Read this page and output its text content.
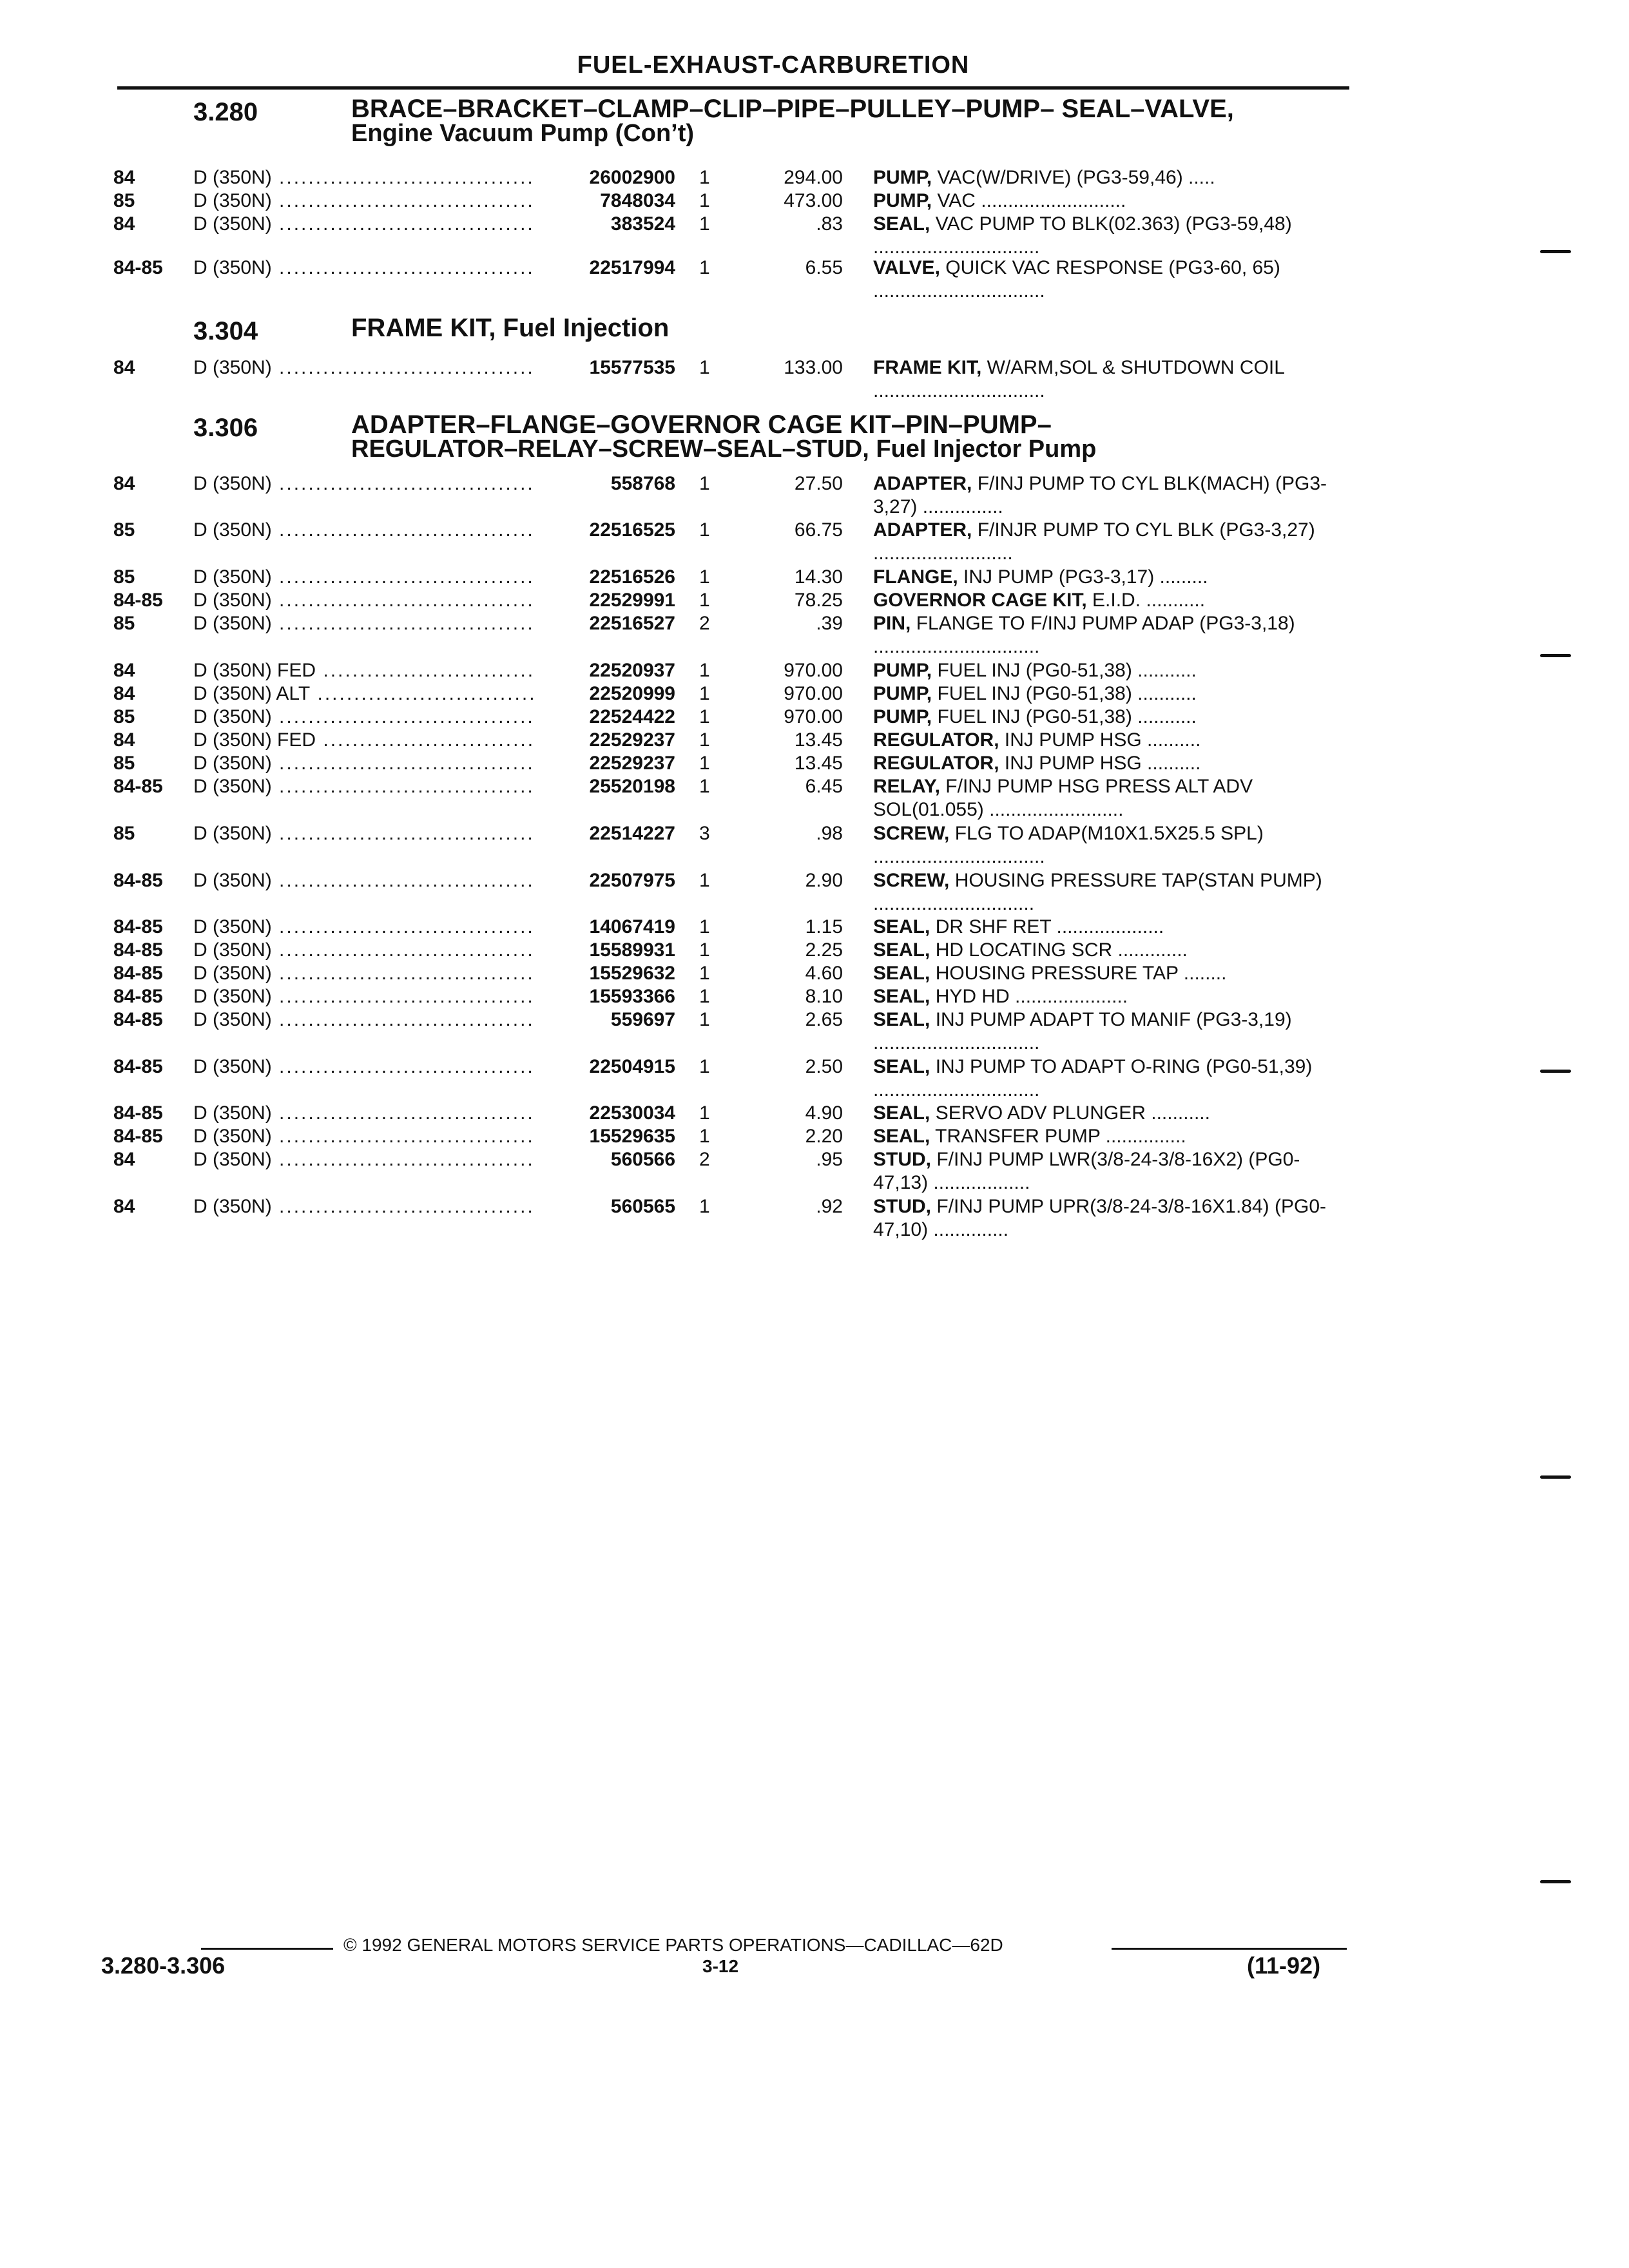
FUEL-EXHAUST-CARBURETION
3.280	BRACE–BRACKET–CLAMP–CLIP–PIPE–PULLEY–PUMP– SEAL–VALVE,
Engine Vacuum Pump (Con’t)
84	D (350N) .....	26002900 1	294.00 PUMP, VAC(W/DRIVE) (PG3-59,46) .....
85	D (350N) .....	7848034 1	473.00 PUMP, VAC ...........................
84	D (350N) .....	383524 1	.83 SEAL, VAC PUMP TO BLK(02.363) (PG3-59,48) ...............................
84-85	D (350N) .....	22517994 1	6.55 VALVE, QUICK VAC RESPONSE (PG3-60, 65) ................................
3.304	FRAME KIT, Fuel Injection
84	D (350N) .....	15577535 1	133.00 FRAME KIT, W/ARM,SOL & SHUTDOWN COIL ................................
3.306	ADAPTER–FLANGE–GOVERNOR CAGE KIT–PIN–PUMP–
REGULATOR–RELAY–SCREW–SEAL–STUD, Fuel Injector Pump
84	D (350N) .....	558768 1	27.50 ADAPTER, F/INJ PUMP TO CYL BLK(MACH) (PG3-3,27) ...............
85	D (350N) .....	22516525 1	66.75 ADAPTER, F/INJR PUMP TO CYL BLK (PG3-3,27) ..........................
85	D (350N) .....	22516526 1	14.30 FLANGE, INJ PUMP (PG3-3,17) .........
84-85	D (350N) .....	22529991 1	78.25 GOVERNOR CAGE KIT, E.I.D. ...........
85	D (350N) .....	22516527 2	.39 PIN, FLANGE TO F/INJ PUMP ADAP (PG3-3,18) ...............................
84	D (350N) FED .....	22520937 1	970.00 PUMP, FUEL INJ (PG0-51,38) ...........
84	D (350N) ALT .....	22520999 1	970.00 PUMP, FUEL INJ (PG0-51,38) ...........
85	D (350N) .....	22524422 1	970.00 PUMP, FUEL INJ (PG0-51,38) ...........
84	D (350N) FED .....	22529237 1	13.45 REGULATOR, INJ PUMP HSG ..........
85	D (350N) .....	22529237 1	13.45 REGULATOR, INJ PUMP HSG ..........
84-85	D (350N) .....	25520198 1	6.45 RELAY, F/INJ PUMP HSG PRESS ALT ADV SOL(01.055) .........................
85	D (350N) .....	22514227 3	.98 SCREW, FLG TO ADAP(M10X1.5X25.5 SPL) ................................
84-85	D (350N) .....	22507975 1	2.90 SCREW, HOUSING PRESSURE TAP(STAN PUMP) ..............................
84-85	D (350N) .....	14067419 1	1.15 SEAL, DR SHF RET ....................
84-85	D (350N) .....	15589931 1	2.25 SEAL, HD LOCATING SCR .............
84-85	D (350N) .....	15529632 1	4.60 SEAL, HOUSING PRESSURE TAP ........
84-85	D (350N) .....	15593366 1	8.10 SEAL, HYD HD .....................
84-85	D (350N) .....	559697 1	2.65 SEAL, INJ PUMP ADAPT TO MANIF (PG3-3,19) ...............................
84-85	D (350N) .....	22504915 1	2.50 SEAL, INJ PUMP TO ADAPT O-RING (PG0-51,39) ...............................
84-85	D (350N) .....	22530034 1	4.90 SEAL, SERVO ADV PLUNGER ...........
84-85	D (350N) .....	15529635 1	2.20 SEAL, TRANSFER PUMP ...............
84	D (350N) .....	560566 2	.95 STUD, F/INJ PUMP LWR(3/8-24-3/8-16X2) (PG0-47,13) ..................
84	D (350N) .....	560565 1	.92 STUD, F/INJ PUMP UPR(3/8-24-3/8-16X1.84) (PG0-47,10) ..............
© 1992 GENERAL MOTORS SERVICE PARTS OPERATIONS—CADILLAC—62D
3.280-3.306	3-12	(11-92)
